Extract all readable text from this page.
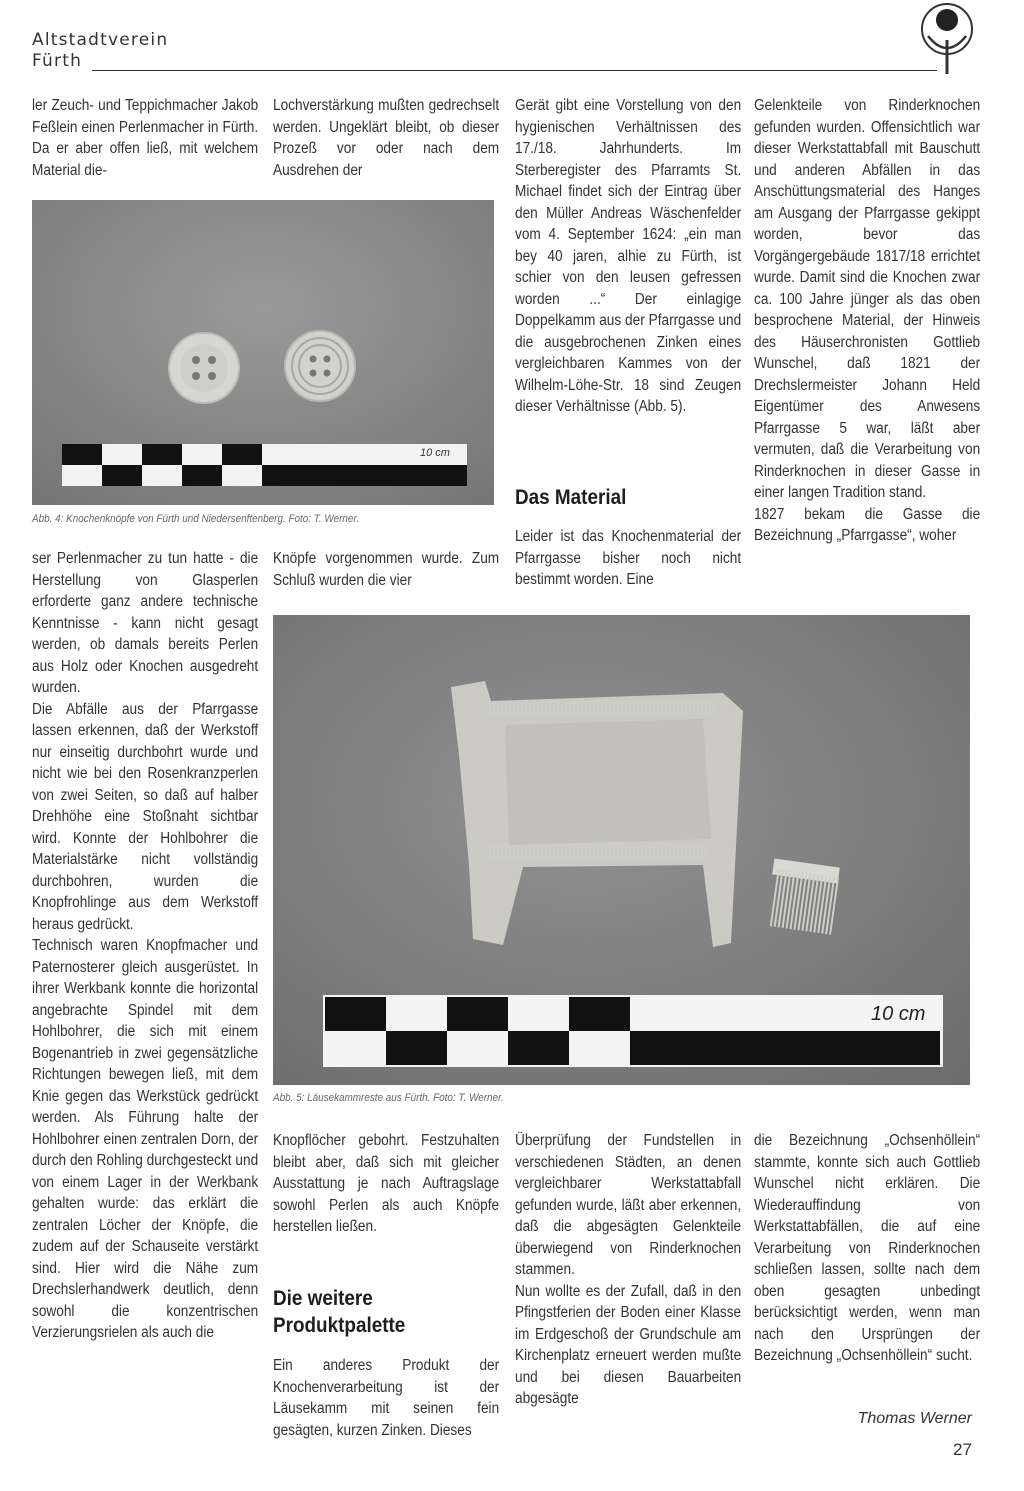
Altstadtverein
Fürth

ler Zeuch- und Teppichmacher Jakob Feßlein einen Perlenmacher in Fürth. Da er aber offen ließ, mit welchem Material die-

Lochverstärkung mußten gedrechselt werden. Ungeklärt bleibt, ob dieser Prozeß vor oder nach dem Ausdrehen der

Gerät gibt eine Vorstellung von den hygienischen Verhältnissen des 17./18. Jahrhunderts. Im Sterberegister des Pfarramts St. Michael findet sich der Eintrag über den Müller Andreas Wäschenfelder vom 4. September 1624: „ein man bey 40 jaren, alhie zu Fürth, ist schier von den leusen gefressen worden ...“ Der einlagige Doppelkamm aus der Pfarrgasse und die ausgebrochenen Zinken eines vergleichbaren Kammes von der Wilhelm-Löhe-Str. 18 sind Zeugen dieser Verhältnisse (Abb. 5).

Das Material

Leider ist das Knochenmaterial der Pfarrgasse bisher noch nicht bestimmt worden. Eine

Gelenkteile von Rinderknochen gefunden wurden. Offensichtlich war dieser Werkstattabfall mit Bauschutt und anderen Abfällen in das Anschüttungsmaterial des Hanges am Ausgang der Pfarrgasse gekippt worden, bevor das Vorgängergebäude 1817/18 errichtet wurde. Damit sind die Knochen zwar ca. 100 Jahre jünger als das oben besprochene Material, der Hinweis des Häuserchronisten Gottlieb Wunschel, daß 1821 der Drechslermeister Johann Held Eigentümer des Anwesens Pfarrgasse 5 war, läßt aber vermuten, daß die Verarbeitung von Rinderknochen in dieser Gasse in einer langen Tradition stand.

1827 bekam die Gasse die Bezeichnung „Pfarrgasse“, woher

10 cm
Abb. 4: Knochenknöpfe von Fürth und Niedersenftenberg. Foto: T. Werner.

ser Perlenmacher zu tun hatte - die Herstellung von Glasperlen erforderte ganz andere technische Kenntnisse - kann nicht gesagt werden, ob damals bereits Perlen aus Holz oder Knochen ausgedreht wurden.

Die Abfälle aus der Pfarrgasse lassen erkennen, daß der Werkstoff nur einseitig durchbohrt wurde und nicht wie bei den Rosenkranzperlen von zwei Seiten, so daß auf halber Drehhöhe eine Stoßnaht sichtbar wird. Konnte der Hohlbohrer die Materialstärke nicht vollständig durchbohren, wurden die Knopfrohlinge aus dem Werkstoff heraus gedrückt.

Technisch waren Knopfmacher und Paternosterer gleich ausgerüstet. In ihrer Werkbank konnte die horizontal angebrachte Spindel mit dem Hohlbohrer, die sich mit einem Bogenantrieb in zwei gegensätzliche Richtungen bewegen ließ, mit dem Knie gegen das Werkstück gedrückt werden. Als Führung halte der Hohlbohrer einen zentralen Dorn, der durch den Rohling durchgesteckt und von einem Lager in der Werkbank gehalten wurde: das erklärt die zentralen Löcher der Knöpfe, die zudem auf der Schauseite verstärkt sind. Hier wird die Nähe zum Drechslerhandwerk deutlich, denn sowohl die konzentrischen Verzierungsrielen als auch die

Knöpfe vorgenommen wurde. Zum Schluß wurden die vier

10 cm
Abb. 5: Läusekammreste aus Fürth. Foto: T. Werner.

Knopflöcher gebohrt. Festzuhalten bleibt aber, daß sich mit gleicher Ausstattung je nach Auftragslage sowohl Perlen als auch Knöpfe herstellen ließen.

Die weitere Produktpalette

Ein anderes Produkt der Knochenverarbeitung ist der Läusekamm mit seinen fein gesägten, kurzen Zinken. Dieses

Überprüfung der Fundstellen in verschiedenen Städten, an denen vergleichbarer Werkstattabfall gefunden wurde, läßt aber erkennen, daß die abgesägten Gelenkteile überwiegend von Rinderknochen stammen.

Nun wollte es der Zufall, daß in den Pfingstferien der Boden einer Klasse im Erdgeschoß der Grundschule am Kirchenplatz erneuert werden mußte und bei diesen Bauarbeiten abgesägte

die Bezeichnung „Ochsenhöllein“ stammte, konnte sich auch Gottlieb Wunschel nicht erklären. Die Wiederauffindung von Werkstattabfällen, die auf eine Verarbeitung von Rinderknochen schließen lassen, sollte nach dem oben gesagten unbedingt berücksichtigt werden, wenn man nach den Ursprüngen der Bezeichnung „Ochsenhöllein“ sucht.

Thomas Werner
27
